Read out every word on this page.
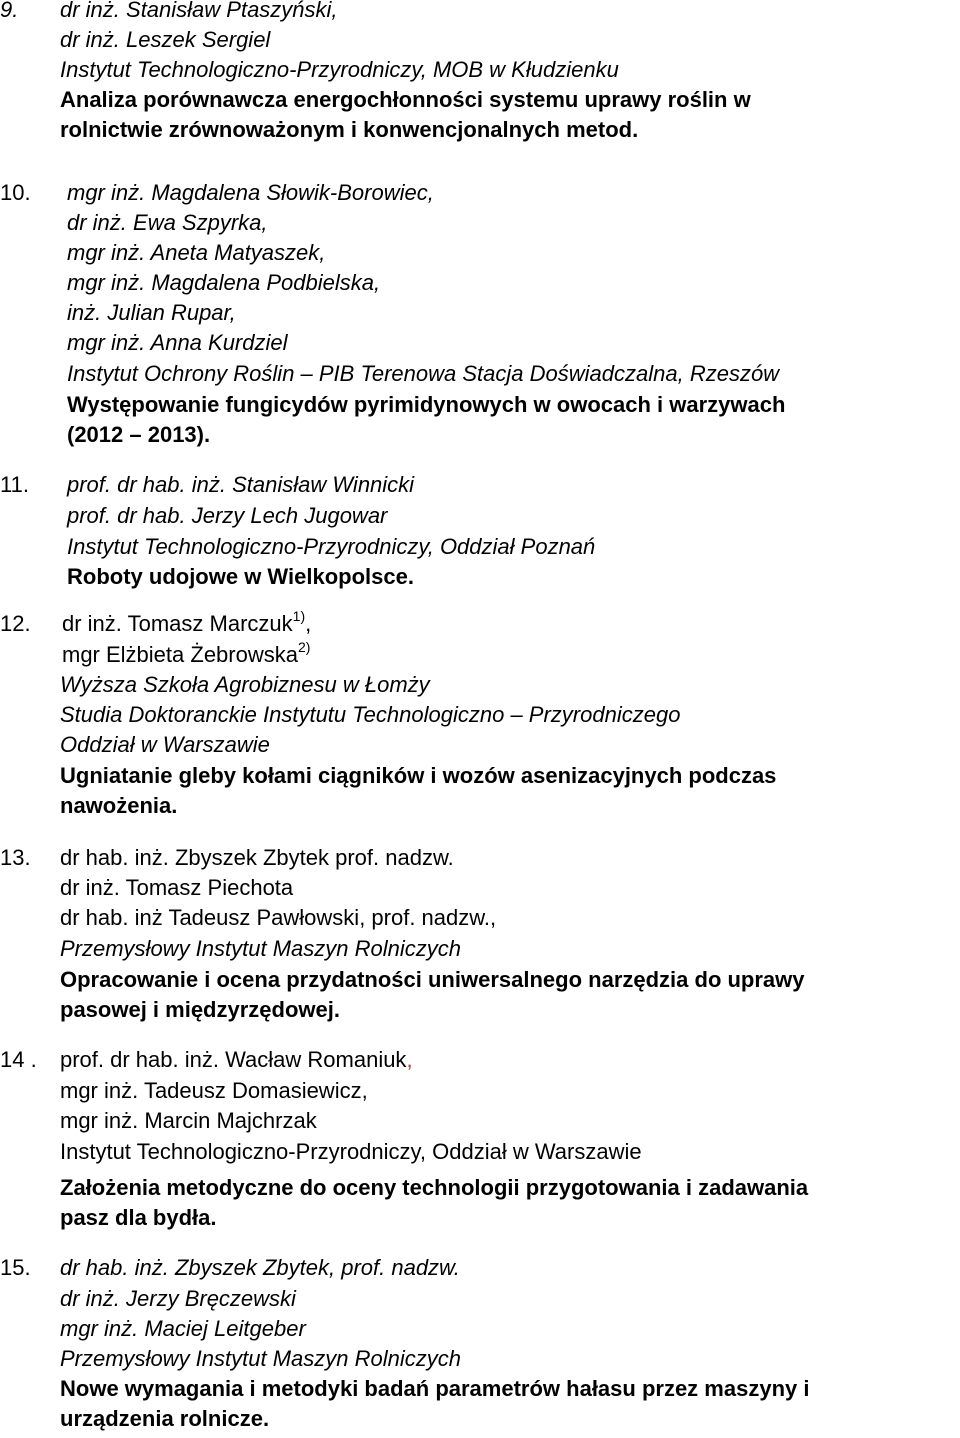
9. dr inż. Stanisław Ptaszyński,
dr inż. Leszek Sergiel
Instytut Technologiczno-Przyrodniczy, MOB w Kłudzienku
Analiza porównawcza energochłonności systemu uprawy roślin w
rolnictwie zrównoważonym i konwencjonalnych metod.
10. mgr inż. Magdalena Słowik-Borowiec,
dr inż. Ewa Szpyrka,
mgr inż. Aneta Matyaszek,
mgr inż. Magdalena Podbielska,
inż. Julian Rupar,
mgr inż. Anna Kurdziel
Instytut Ochrony Roślin – PIB Terenowa Stacja Doświadczalna, Rzeszów
Występowanie fungicydów pyrimidynowych w owocach i warzywach
(2012 – 2013).
11. prof. dr hab. inż. Stanisław Winnicki
prof. dr hab. Jerzy Lech Jugowar
Instytut Technologiczno-Przyrodniczy, Oddział Poznań
Roboty udojowe w Wielkopolsce.
12. dr inż. Tomasz Marczuk$^{1)}$,
mgr Elżbieta Żebrowska$^{2)}$
Wyższa Szkoła Agrobiznesu w Łomży
Studia Doktoranckie Instytutu Technologiczno – Przyrodniczego
Oddział w Warszawie
Ugniatanie gleby kołami ciągników i wozów asenizacyjnych podczas
nawożenia.
13. dr hab. inż. Zbyszek Zbytek prof. nadzw.
dr inż. Tomasz Piechota
dr hab. inż Tadeusz Pawłowski, prof. nadzw.,
Przemysłowy Instytut Maszyn Rolniczych
Opracowanie i ocena przydatności uniwersalnego narzędzia do uprawy
pasowej i międzyrzędowej.
14 . prof. dr hab. inż. Wacław Romaniuk,
mgr inż. Tadeusz Domasiewicz,
mgr inż. Marcin Majchrzak
Instytut Technologiczno-Przyrodniczy, Oddział w Warszawie
Założenia metodyczne do oceny technologii przygotowania i zadawania
pasz dla bydła.
15. dr hab. inż. Zbyszek Zbytek, prof. nadzw.
dr inż. Jerzy Bręczewski
mgr inż. Maciej Leitgeber
Przemysłowy Instytut Maszyn Rolniczych
Nowe wymagania i metodyki badań parametrów hałasu przez maszyny i
urządzenia rolnicze.
